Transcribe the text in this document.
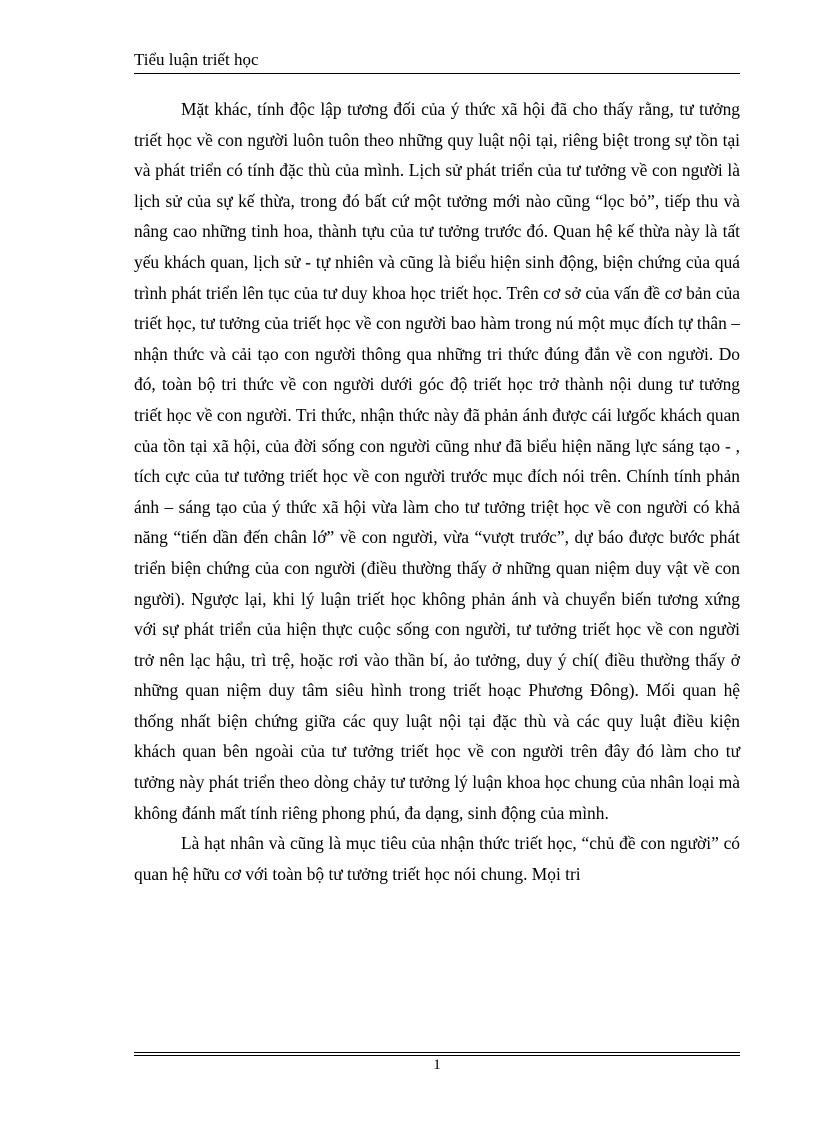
Tiểu luận triết học

Mặt khác, tính độc lập tương đối của ý thức xã hội đã cho thấy rằng, tư tưởng triết học về con người luôn tuôn theo những quy luật nội tại, riêng biệt trong sự tồn tại và phát triển có tính đặc thù của mình. Lịch sử phát triển của tư tưởng về con người là lịch sử của sự kế thừa, trong đó bất cứ một tưởng mới nào cũng “lọc bỏ”, tiếp thu và nâng cao những tinh hoa, thành tựu của tư tưởng trước đó. Quan hệ kế thừa này là tất yếu khách quan, lịch sử - tự nhiên và cũng là biểu hiện sinh động, biện chứng của quá trình phát triển lên tục của tư duy khoa học triết học. Trên cơ sở của vấn đề cơ bản của triết học, tư tưởng của triết học về con người bao hàm trong nú một mục đích tự thân – nhận thức và cải tạo con người thông qua những tri thức đúng đắn về con người. Do đó, toàn bộ tri thức về con người dưới góc độ triết học trở thành nội dung tư tưởng triết học về con người. Tri thức, nhận thức này đã phản ánh được cái lưgốc khách quan của tồn tại xã hội, của đời sống con người cũng như đã biểu hiện năng lực sáng tạo - , tích cực của tư tưởng triết học về con người trước mục đích nói trên. Chính tính phản ánh – sáng tạo của ý thức xã hội vừa làm cho tư tưởng triệt học về con người có khả năng “tiến dần đến chân lớ” về con người, vừa “vượt trước”, dự báo được bước phát triển biện chứng của con người (điều thường thấy ở những quan niệm duy vật về con người). Ngược lại, khi lý luận triết học không phản ánh và chuyển biến tương xứng với sự phát triển của hiện thực cuộc sống con người, tư tưởng triết học về con người trở nên lạc hậu, trì trệ, hoặc rơi vào thần bí, ảo tưởng, duy ý chí( điều thường thấy ở những quan niệm duy tâm siêu hình trong triết hoạc Phương Đông). Mối quan hệ thống nhất biện chứng giữa các quy luật nội tại đặc thù và các quy luật điều kiện khách quan bên ngoài của tư tưởng triết học về con người trên đây đó làm cho tư tưởng này phát triển theo dòng chảy tư tưởng lý luận khoa học chung của nhân loại mà không đánh mất tính riêng phong phú, đa dạng, sinh động của mình.

Là hạt nhân và cũng là mục tiêu của nhận thức triết học, “chủ đề con người” có quan hệ hữu cơ với toàn bộ tư tưởng triết học nói chung. Mọi tri

1
